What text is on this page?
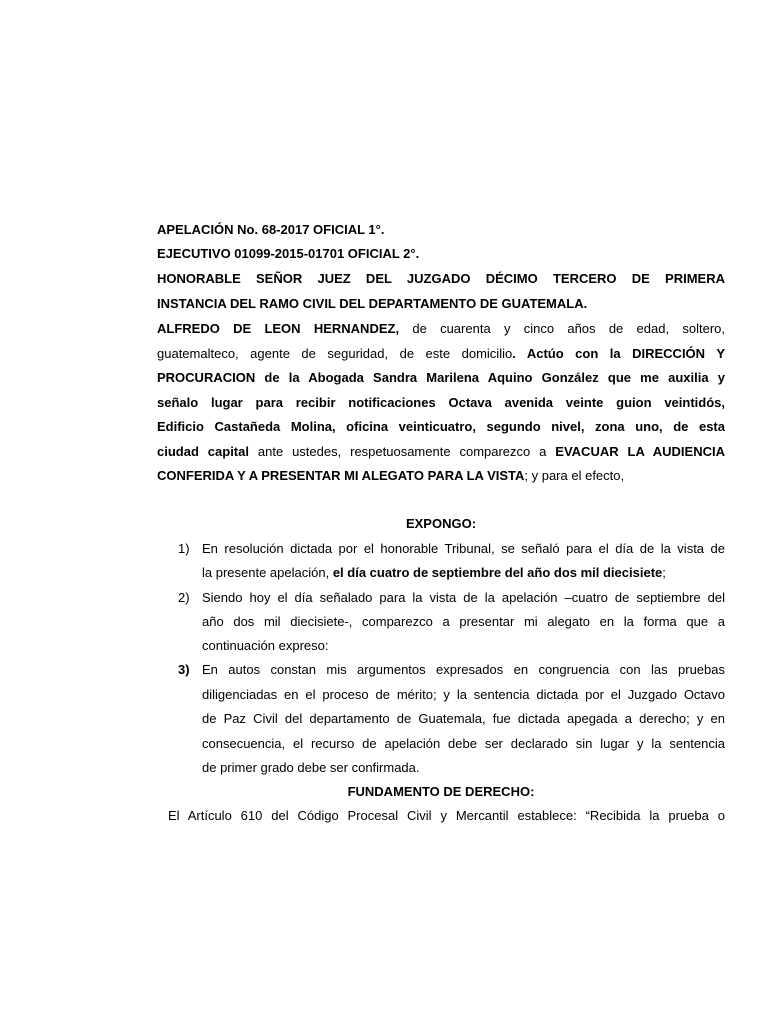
APELACIÓN No. 68-2017 OFICIAL 1°.
EJECUTIVO 01099-2015-01701 OFICIAL 2°.
HONORABLE SEÑOR JUEZ DEL JUZGADO DÉCIMO TERCERO DE PRIMERA
INSTANCIA DEL RAMO CIVIL DEL DEPARTAMENTO DE GUATEMALA.
ALFREDO DE LEON HERNANDEZ, de cuarenta y cinco años de edad, soltero,
guatemalteco, agente de seguridad, de este domicilio. Actúo con la DIRECCIÓN Y
PROCURACION de la Abogada Sandra Marilena Aquino González que me auxilia y
señalo lugar para recibir notificaciones Octava avenida veinte guion veintidós,
Edificio Castañeda Molina, oficina veinticuatro, segundo nivel, zona uno, de esta
ciudad capital ante ustedes, respetuosamente comparezco a EVACUAR LA AUDIENCIA
CONFERIDA Y A PRESENTAR MI ALEGATO PARA LA VISTA; y para el efecto,
EXPONGO:
1) En resolución dictada por el honorable Tribunal, se señaló para el día de la vista de
la presente apelación, el día cuatro de septiembre del año dos mil diecisiete;
2) Siendo hoy el día señalado para la vista de la apelación –cuatro de septiembre del
año dos mil diecisiete-, comparezco a presentar mi alegato en la forma que a
continuación expreso:
3) En autos constan mis argumentos expresados en congruencia con las pruebas
diligenciadas en el proceso de mérito; y la sentencia dictada por el Juzgado Octavo
de Paz Civil del departamento de Guatemala, fue dictada apegada a derecho; y en
consecuencia, el recurso de apelación debe ser declarado sin lugar y la sentencia
de primer grado debe ser confirmada.
FUNDAMENTO DE DERECHO:
El Artículo 610 del Código Procesal Civil y Mercantil establece: “Recibida la prueba o
